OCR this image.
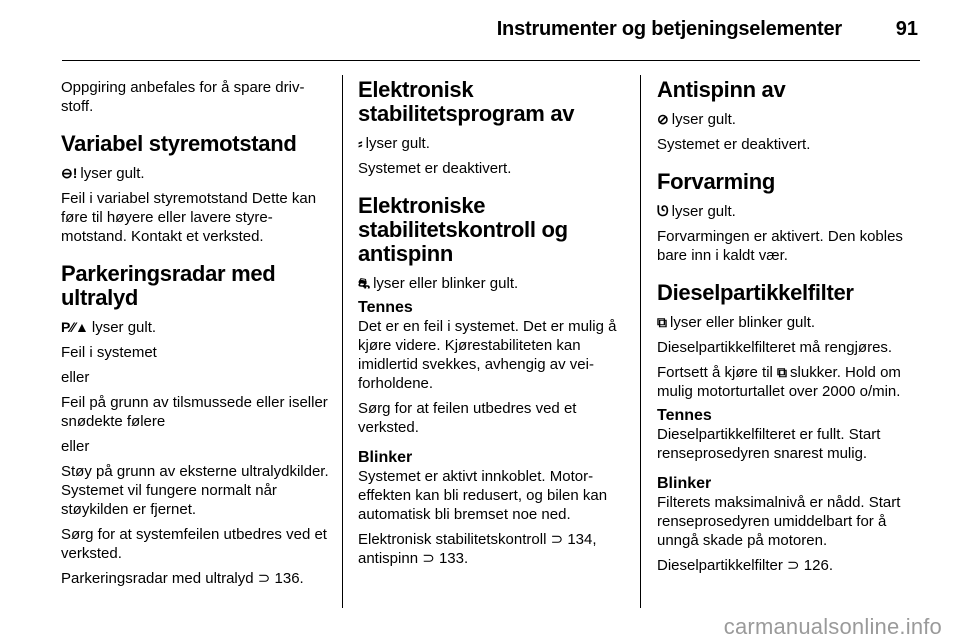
Instrumenter og betjeningselementer	91

Oppgiring anbefales for å spare drivstoff.

Variabel styremotstand

⊖! lyser gult.

Feil i variabel styremotstand Dette kan føre til høyere eller lavere styremotstand. Kontakt et verksted.

Parkeringsradar med ultralyd

P⁄⁄▲ lyser gult.

Feil i systemet

eller

Feil på grunn av tilsmussede eller iseller snødekte følere

eller

Støy på grunn av eksterne ultralydkilder. Systemet vil fungere normalt når støykilden er fjernet.

Sørg for at systemfeilen utbedres ved et verksted.

Parkeringsradar med ultralyd ⊃ 136.

Elektronisk stabilitetsprogram av

⸗ lyser gult.

Systemet er deaktivert.

Elektroniske stabilitetskontroll og antispinn

⛐ lyser eller blinker gult.

Tennes

Det er en feil i systemet. Det er mulig å kjøre videre. Kjørestabiliteten kan imidlertid svekkes, avhengig av veiforholdene.

Sørg for at feilen utbedres ved et verksted.

Blinker

Systemet er aktivt innkoblet. Motoreffekten kan bli redusert, og bilen kan automatisk bli bremset noe ned.

Elektronisk stabilitetskontroll ⊃ 134,
antispinn ⊃ 133.

Antispinn av

⊘ lyser gult.

Systemet er deaktivert.

Forvarming

ᘎ lyser gult.

Forvarmingen er aktivert. Den kobles bare inn i kaldt vær.

Dieselpartikkelfilter

⧉ lyser eller blinker gult.

Dieselpartikkelfilteret må rengjøres.

Fortsett å kjøre til ⧉ slukker. Hold om mulig motorturtallet over 2000 o/min.

Tennes

Dieselpartikkelfilteret er fullt. Start renseprosedyren snarest mulig.

Blinker

Filterets maksimalnivå er nådd. Start renseprosedyren umiddelbart for å unngå skade på motoren.

Dieselpartikkelfilter ⊃ 126.

carmanualsonline.info
